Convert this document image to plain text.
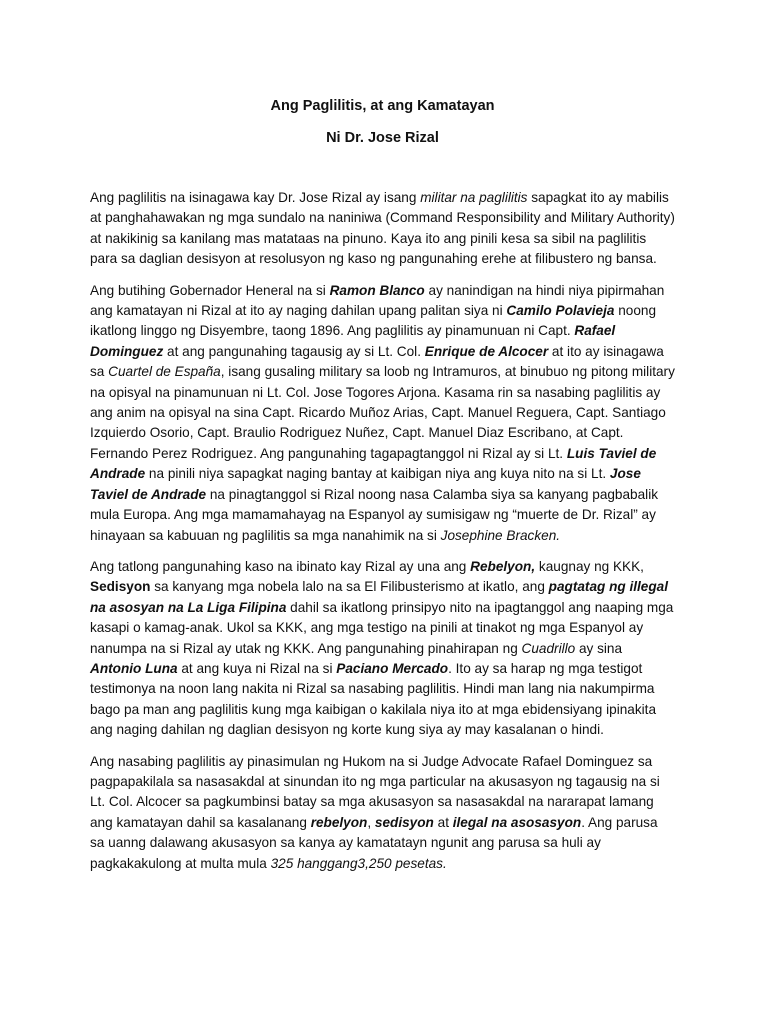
Ang Paglilitis, at ang Kamatayan
Ni Dr. Jose Rizal

Ang paglilitis na isinagawa kay Dr. Jose Rizal ay isang militar na paglilitis sapagkat ito ay mabilis at panghahawakan ng mga sundalo na naniniwa (Command Responsibility and Military Authority) at nakikinig sa kanilang mas matataas na pinuno. Kaya ito ang pinili kesa sa sibil na paglilitis para sa daglian desisyon at resolusyon ng kaso ng pangunahing erehe at filibustero ng bansa.

Ang butihing Gobernador Heneral na si Ramon Blanco ay nanindigan na hindi niya pipirmahan ang kamatayan ni Rizal at ito ay naging dahilan upang palitan siya ni Camilo Polavieja noong ikatlong linggo ng Disyembre, taong 1896. Ang paglilitis ay pinamunuan ni Capt. Rafael Dominguez at ang pangunahing tagausig ay si Lt. Col. Enrique de Alcocer at ito ay isinagawa sa Cuartel de España, isang gusaling military sa loob ng Intramuros, at binubuo ng pitong military na opisyal na pinamunuan ni Lt. Col. Jose Togores Arjona. Kasama rin sa nasabing paglilitis ay ang anim na opisyal na sina Capt. Ricardo Muñoz Arias, Capt. Manuel Reguera, Capt. Santiago Izquierdo Osorio, Capt. Braulio Rodriguez Nuñez, Capt. Manuel Diaz Escribano, at Capt. Fernando Perez Rodriguez. Ang pangunahing tagapagtanggol ni Rizal ay si Lt. Luis Taviel de Andrade na pinili niya sapagkat naging bantay at kaibigan niya ang kuya nito na si Lt. Jose Taviel de Andrade na pinagtanggol si Rizal noong nasa Calamba siya sa kanyang pagbabalik mula Europa. Ang mga mamamahayag na Espanyol ay sumisigaw ng “muerte de Dr. Rizal” ay hinayaan sa kabuuan ng paglilitis sa mga nanahimik na si Josephine Bracken.

Ang tatlong pangunahing kaso na ibinato kay Rizal ay una ang Rebelyon, kaugnay ng KKK, Sedisyon sa kanyang mga nobela lalo na sa El Filibusterismo at ikatlo, ang pagtatag ng illegal na asosyan na La Liga Filipina dahil sa ikatlong prinsipyo nito na ipagtanggol ang naaping mga kasapi o kamag-anak. Ukol sa KKK, ang mga testigo na pinili at tinakot ng mga Espanyol ay nanumpa na si Rizal ay utak ng KKK. Ang pangunahing pinahirapan ng Cuadrillo ay sina Antonio Luna at ang kuya ni Rizal na si Paciano Mercado. Ito ay sa harap ng mga testigot testimonya na noon lang nakita ni Rizal sa nasabing paglilitis. Hindi man lang nia nakumpirma bago pa man ang paglilitis kung mga kaibigan o kakilala niya ito at mga ebidensiyang ipinakita ang naging dahilan ng daglian desisyon ng korte kung siya ay may kasalanan o hindi.

Ang nasabing paglilitis ay pinasimulan ng Hukom na si Judge Advocate Rafael Dominguez sa pagpapakilala sa nasasakdal at sinundan ito ng mga particular na akusasyon ng tagausig na si Lt. Col. Alcocer sa pagkumbinsi batay sa mga akusasyon sa nasasakdal na nararapat lamang ang kamatayan dahil sa kasalanang rebelyon, sedisyon at ilegal na asosasyon. Ang parusa sa uanng dalawang akusasyon sa kanya ay kamatatayn ngunit ang parusa sa huli ay pagkakakulong at multa mula 325 hanggang3,250 pesetas.
